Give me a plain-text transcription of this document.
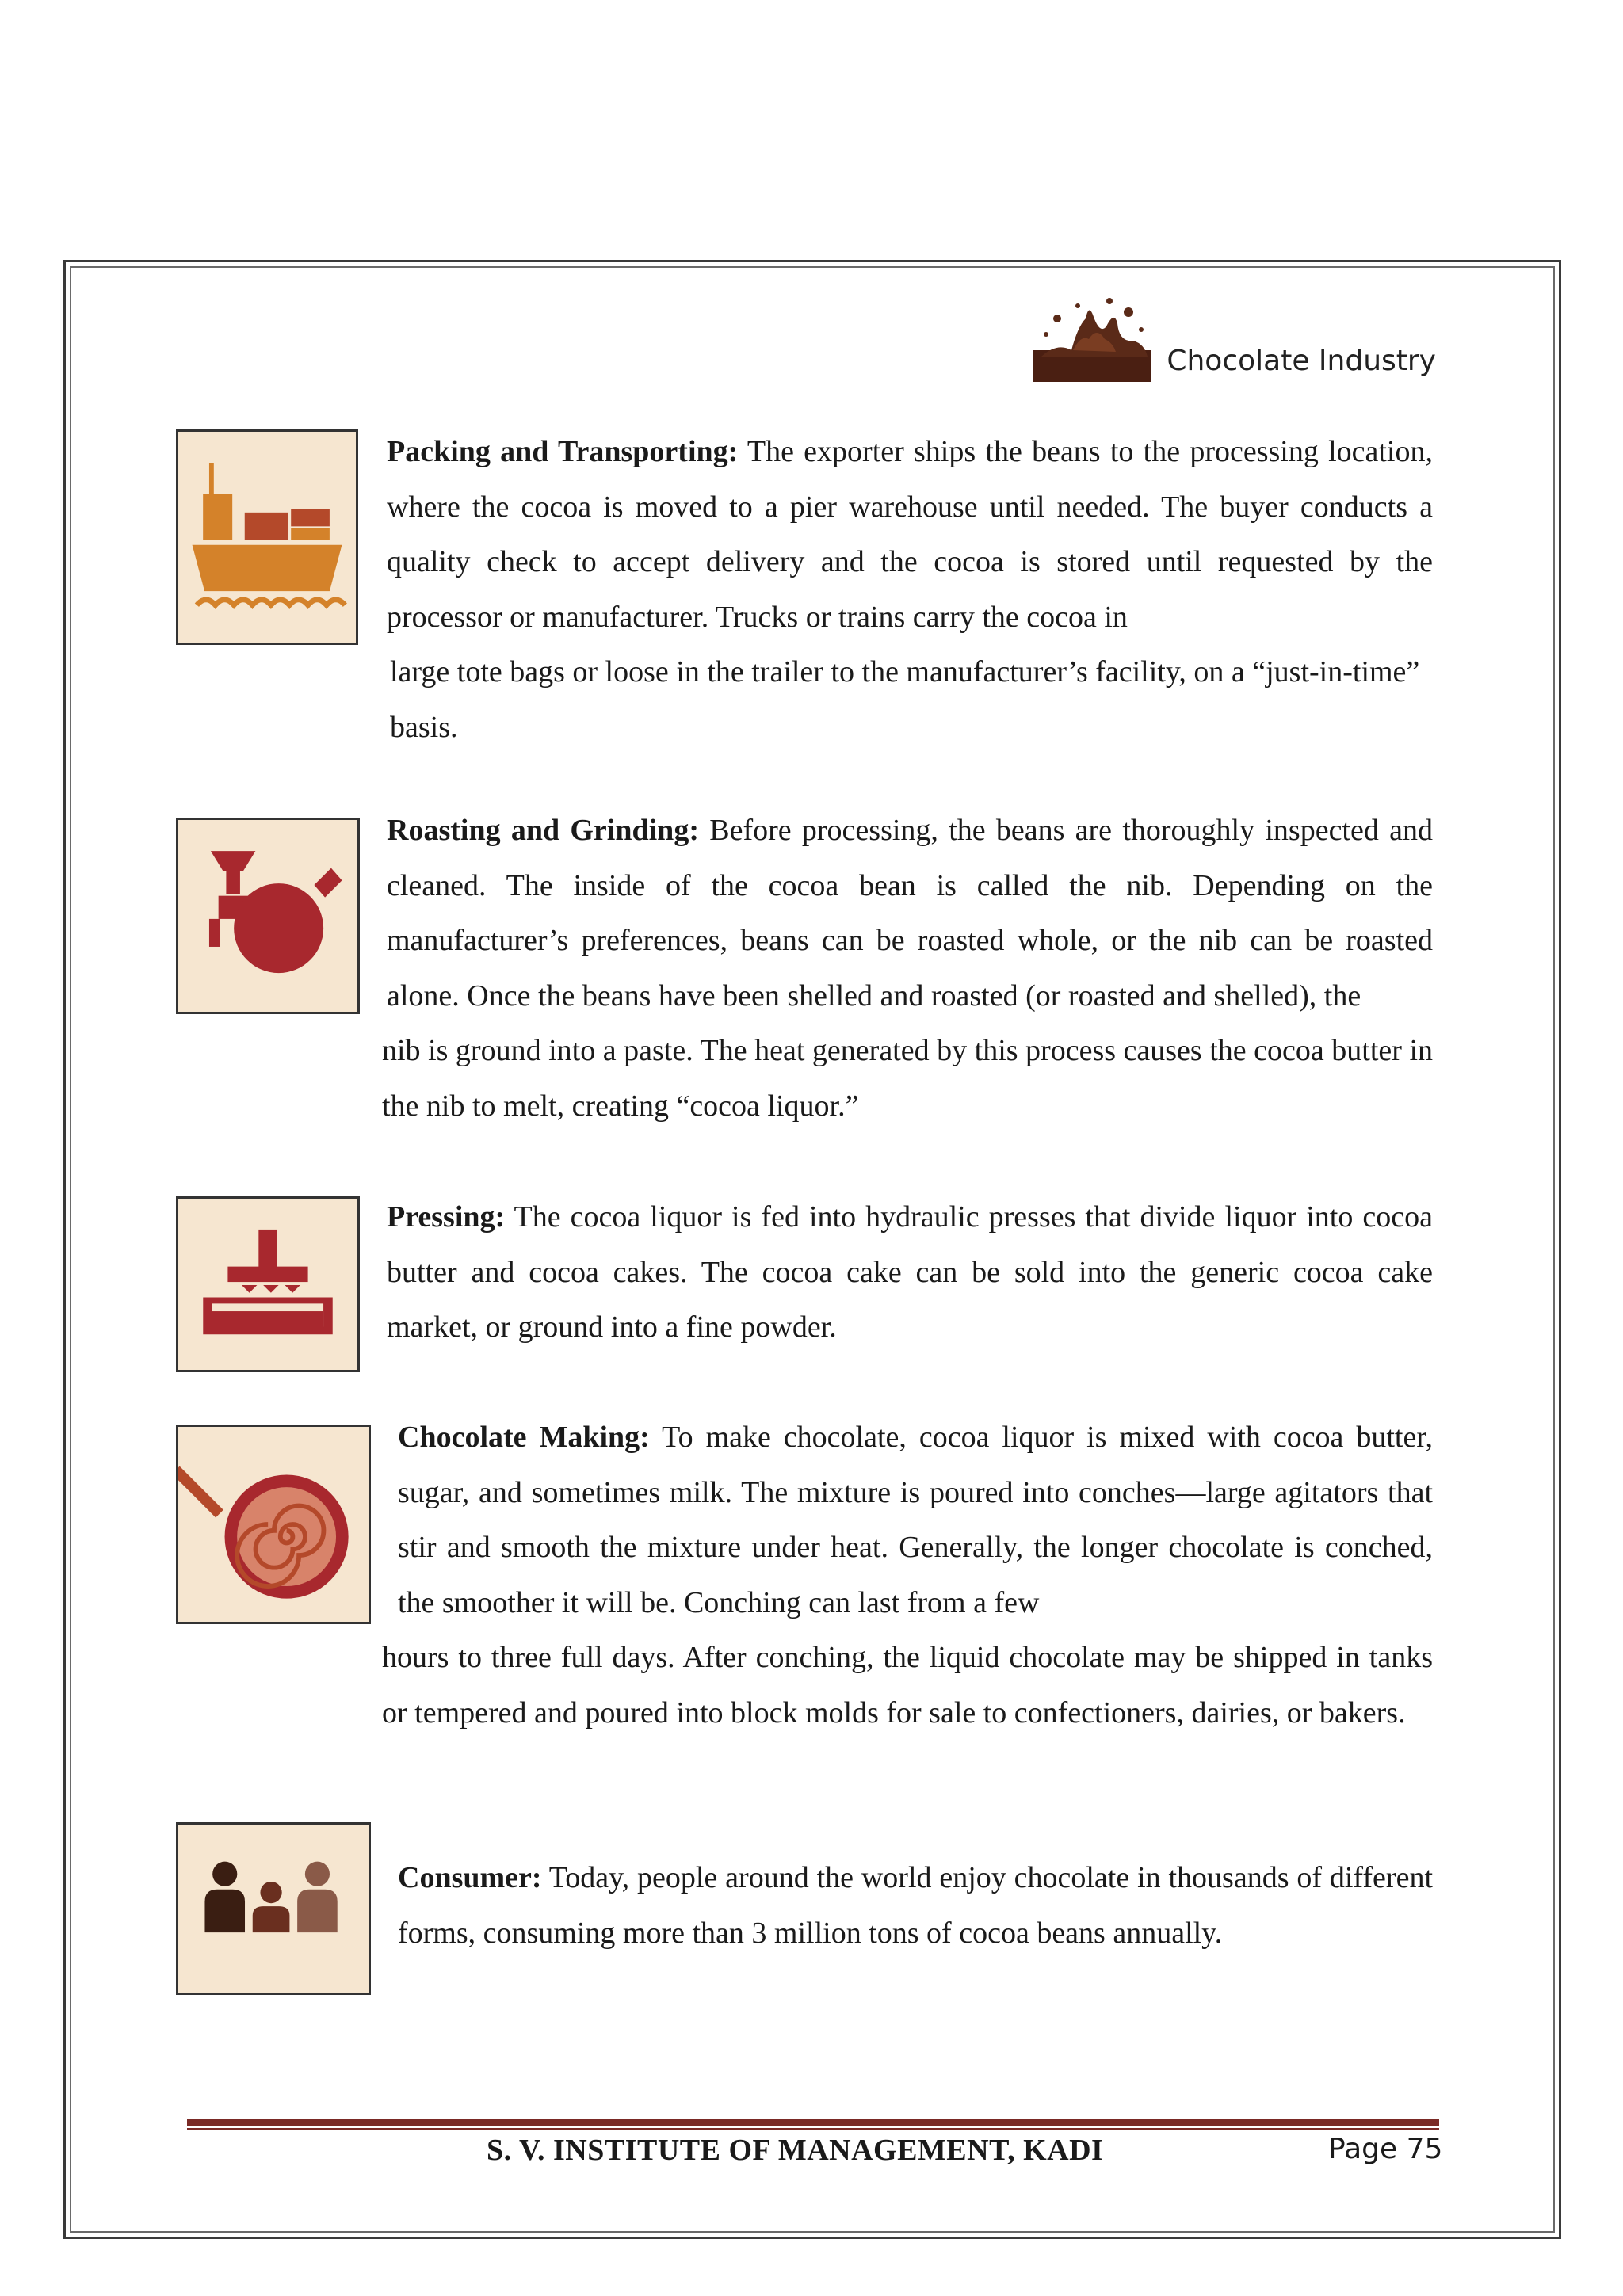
Chocolate Industry
Packing and Transporting: The exporter ships the beans to the processing location, where the cocoa is moved to a pier warehouse until needed. The buyer conducts a quality check to accept delivery and the cocoa is stored until requested by the processor or manufacturer. Trucks or trains carry the cocoa in
large tote bags or loose in the trailer to the manufacturer’s facility, on a “just-in-time” basis.
Roasting and Grinding: Before processing, the beans are thoroughly inspected and cleaned. The inside of the cocoa bean is called the nib. Depending on the manufacturer’s preferences, beans can be roasted whole, or the nib can be roasted alone. Once the beans have been shelled and roasted (or roasted and shelled), the
nib is ground into a paste. The heat generated by this process causes the cocoa butter in the nib to melt, creating “cocoa liquor.”
Pressing: The cocoa liquor is fed into hydraulic presses that divide liquor into cocoa butter and cocoa cakes. The cocoa cake can be sold into the generic cocoa cake market, or ground into a fine powder.
Chocolate Making: To make chocolate, cocoa liquor is mixed with cocoa butter, sugar, and sometimes milk. The mixture is poured into conches—large agitators that stir and smooth the mixture under heat. Generally, the longer chocolate is conched, the smoother it will be. Conching can last from a few
hours to three full days. After conching, the liquid chocolate may be shipped in tanks or tempered and poured into block molds for sale to confectioners, dairies, or bakers.
Consumer: Today, people around the world enjoy chocolate in thousands of different forms, consuming more than 3 million tons of cocoa beans annually.
S. V. INSTITUTE OF MANAGEMENT, KADI	Page 75
